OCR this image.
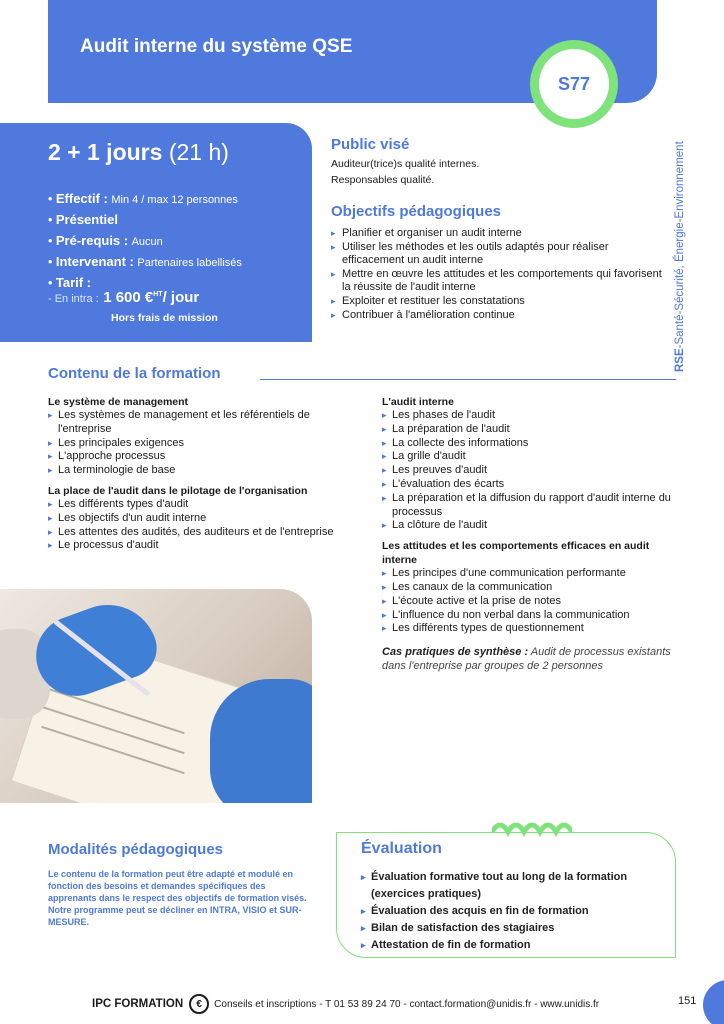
Audit interne du système QSE
S77
RSE-Santé-Sécurité, Énergie-Environnement
2 + 1 jours (21 h)
• Effectif : Min 4 / max 12 personnes
• Présentiel
• Pré-requis : Aucun
• Intervenant : Partenaires labellisés
• Tarif :
- En intra : 1 600 €$^{HT}$/ jour
Hors frais de mission
Public visé
Auditeur(trice)s qualité internes.
Responsables qualité.
Objectifs pédagogiques
▸ Planifier et organiser un audit interne
▸ Utiliser les méthodes et les outils adaptés pour réaliser efficacement un audit interne
▸ Mettre en œuvre les attitudes et les comportements qui favorisent la réussite de l'audit interne
▸ Exploiter et restituer les constatations
▸ Contribuer à l'amélioration continue
Contenu de la formation
Le système de management
▸ Les systèmes de management et les référentiels de l'entreprise
▸ Les principales exigences
▸ L'approche processus
▸ La terminologie de base
La place de l'audit dans le pilotage de l'organisation
▸ Les différents types d'audit
▸ Les objectifs d'un audit interne
▸ Les attentes des audités, des auditeurs et de l'entreprise
▸ Le processus d'audit
L'audit interne
▸ Les phases de l'audit
▸ La préparation de l'audit
▸ La collecte des informations
▸ La grille d'audit
▸ Les preuves d'audit
▸ L'évaluation des écarts
▸ La préparation et la diffusion du rapport d'audit interne du processus
▸ La clôture de l'audit
Les attitudes et les comportements efficaces en audit interne
▸ Les principes d'une communication performante
▸ Les canaux de la communication
▸ L'écoute active et la prise de notes
▸ L'influence du non verbal dans la communication
▸ Les différents types de questionnement
Cas pratiques de synthèse : Audit de processus existants dans l'entreprise par groupes de 2 personnes
Modalités pédagogiques
Le contenu de la formation peut être adapté et modulé en fonction des besoins et demandes spécifiques des apprenants dans le respect des objectifs de formation visés. Notre programme peut se décliner en INTRA, VISIO et SUR-MESURE.
Évaluation
▸ Évaluation formative tout au long de la formation
(exercices pratiques)
▸ Évaluation des acquis en fin de formation
▸ Bilan de satisfaction des stagiaires
▸ Attestation de fin de formation
IPC FORMATION	€	Conseils et inscriptions - T 01 53 89 24 70 - contact.formation@unidis.fr - www.unidis.fr	151
